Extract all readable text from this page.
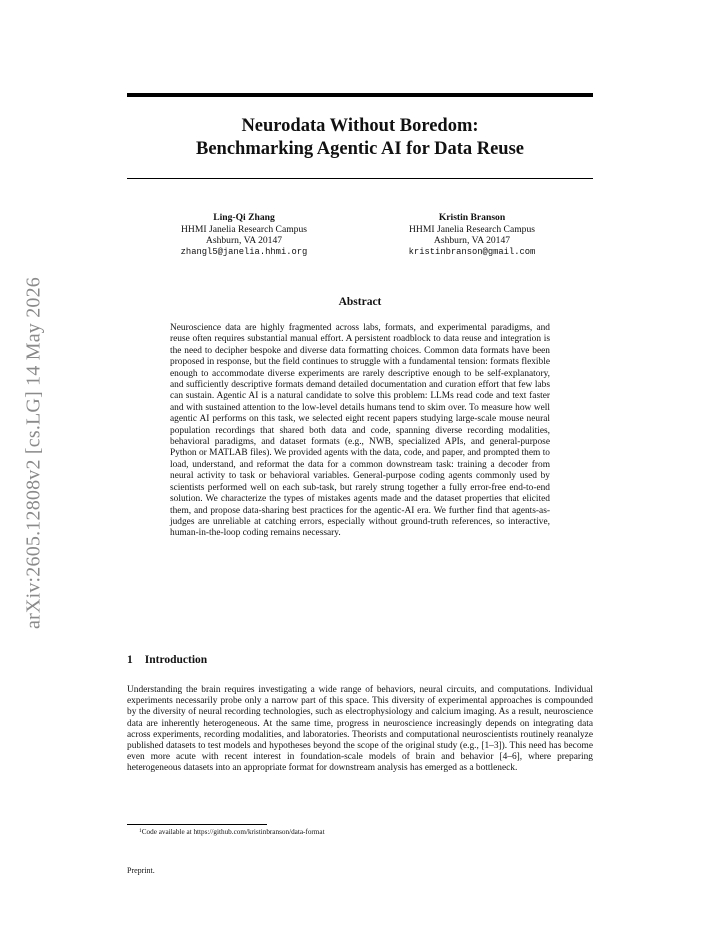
arXiv:2605.12808v2 [cs.LG] 14 May 2026
Neurodata Without Boredom:
Benchmarking Agentic AI for Data Reuse
Ling-Qi Zhang
HHMI Janelia Research Campus
Ashburn, VA 20147
zhangl5@janelia.hhmi.org
Kristin Branson
HHMI Janelia Research Campus
Ashburn, VA 20147
kristinbranson@gmail.com
Abstract

Neuroscience data are highly fragmented across labs, formats, and experimental paradigms, and reuse often requires substantial manual effort. A persistent roadblock to data reuse and integration is the need to decipher bespoke and diverse data formatting choices. Common data formats have been proposed in response, but the field continues to struggle with a fundamental tension: formats flexible enough to accommodate diverse experiments are rarely descriptive enough to be self-explanatory, and sufficiently descriptive formats demand detailed documentation and curation effort that few labs can sustain. Agentic AI is a natural candidate to solve this problem: LLMs read code and text faster and with sustained attention to the low-level details humans tend to skim over. To measure how well agentic AI performs on this task, we selected eight recent papers studying large-scale mouse neural population recordings that shared both data and code, spanning diverse recording modalities, behavioral paradigms, and dataset formats (e.g., NWB, specialized APIs, and general-purpose Python or MATLAB files). We provided agents with the data, code, and paper, and prompted them to load, understand, and reformat the data for a common downstream task: training a decoder from neural activity to task or behavioral variables. General-purpose coding agents commonly used by scientists performed well on each sub-task, but rarely strung together a fully error-free end-to-end solution. We characterize the types of mistakes agents made and the dataset properties that elicited them, and propose data-sharing best practices for the agentic-AI era. We further find that agents-as-judges are unreliable at catching errors, especially without ground-truth references, so interactive, human-in-the-loop coding remains necessary.

1 Introduction

Understanding the brain requires investigating a wide range of behaviors, neural circuits, and computations. Individual experiments necessarily probe only a narrow part of this space. This diversity of experimental approaches is compounded by the diversity of neural recording technologies, such as electrophysiology and calcium imaging. As a result, neuroscience data are inherently heterogeneous. At the same time, progress in neuroscience increasingly depends on integrating data across experiments, recording modalities, and laboratories. Theorists and computational neuroscientists routinely reanalyze published datasets to test models and hypotheses beyond the scope of the original study (e.g., [1–3]). This need has become even more acute with recent interest in foundation-scale models of brain and behavior [4–6], where preparing heterogeneous datasets into an appropriate format for downstream analysis has emerged as a bottleneck.

$^1$Code available at https://github.com/kristinbranson/data-format

Preprint.
